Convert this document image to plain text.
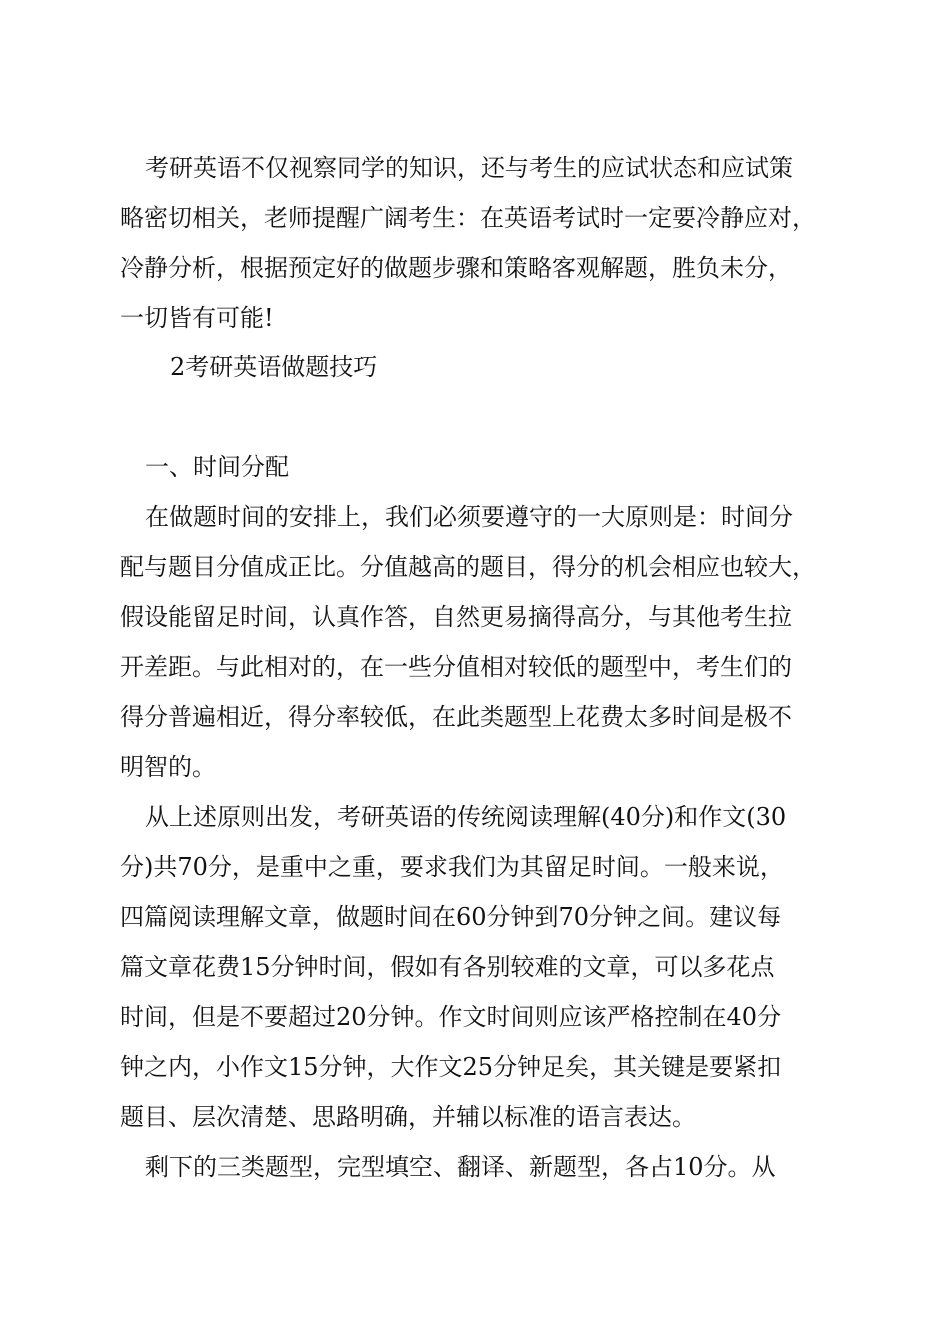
考研英语不仅视察同学的知识，还与考生的应试状态和应试策

略密切相关，老师提醒广阔考生：在英语考试时一定要冷静应对，

冷静分析，根据预定好的做题步骤和策略客观解题，胜负未分，

一切皆有可能!

2考研英语做题技巧

一、时间分配

在做题时间的安排上，我们必须要遵守的一大原则是：时间分

配与题目分值成正比。分值越高的题目，得分的机会相应也较大，

假设能留足时间，认真作答，自然更易摘得高分，与其他考生拉

开差距。与此相对的，在一些分值相对较低的题型中，考生们的

得分普遍相近，得分率较低，在此类题型上花费太多时间是极不

明智的。

从上述原则出发，考研英语的传统阅读理解(40分)和作文(30

分)共70分，是重中之重，要求我们为其留足时间。一般来说，

四篇阅读理解文章，做题时间在60分钟到70分钟之间。建议每

篇文章花费15分钟时间，假如有各别较难的文章，可以多花点

时间，但是不要超过20分钟。作文时间则应该严格控制在40分

钟之内，小作文15分钟，大作文25分钟足矣，其关键是要紧扣

题目、层次清楚、思路明确，并辅以标准的语言表达。

剩下的三类题型，完型填空、翻译、新题型，各占10分。从
